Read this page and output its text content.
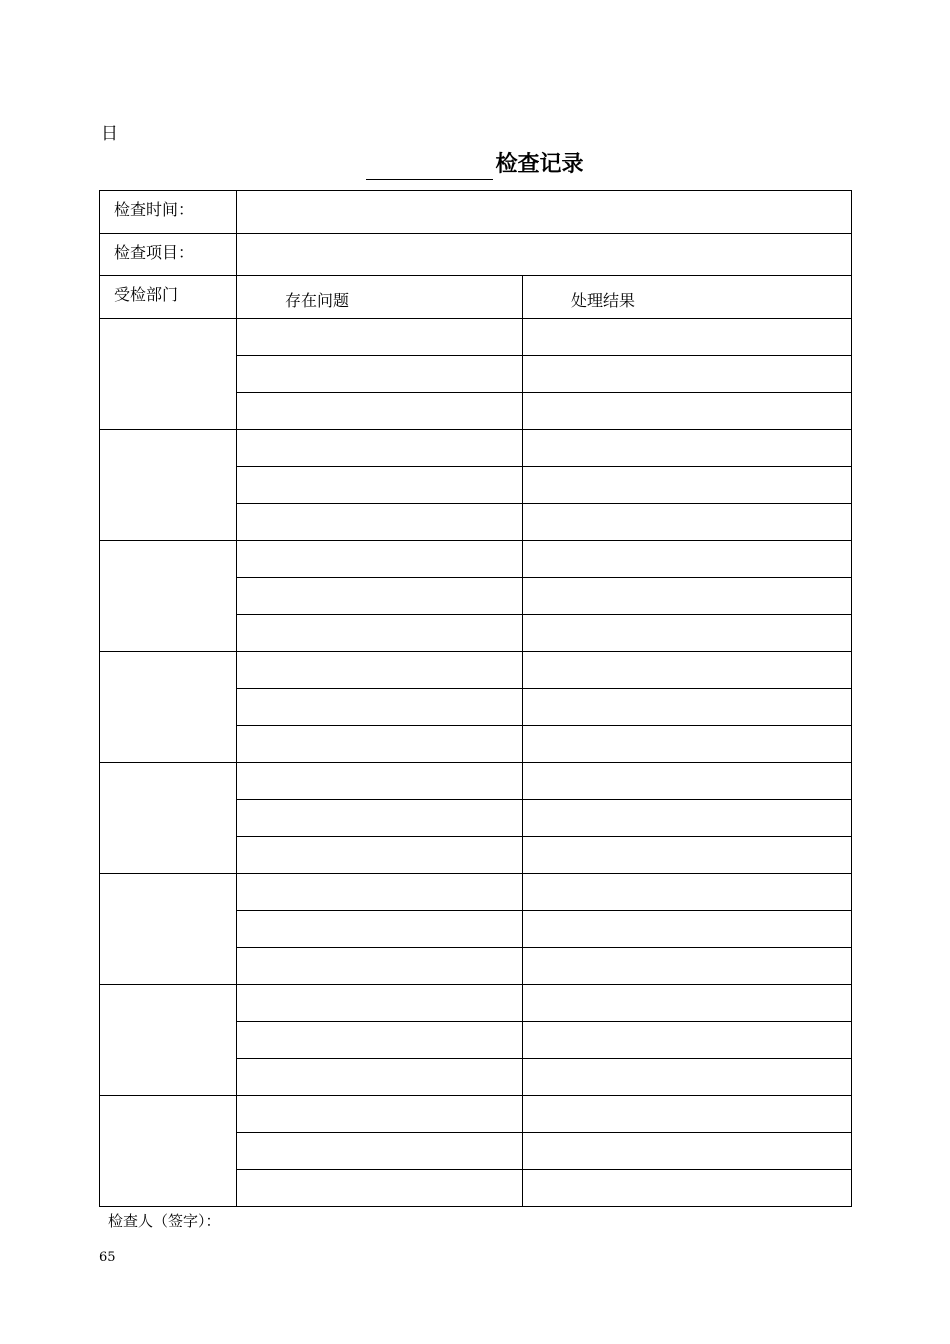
日
检查记录
检查时间：		
检查项目：		
受检部门	存在问题	处理结果

检查人（签字）：
65
